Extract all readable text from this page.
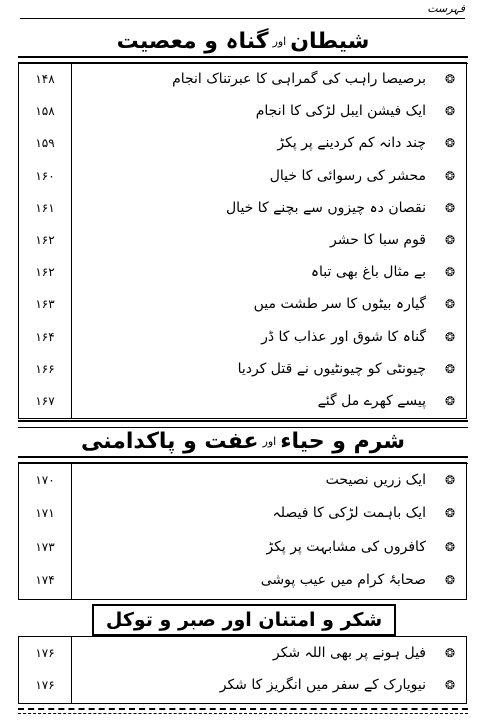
فہرست
شیطان
اور
گناہ و معصیت
❂
برصیصا راہب کی گمراہی کا عبرتناک انجام
۱۴۸
❂
ایک فیشن ایبل لڑکی کا انجام
۱۵۸
❂
چند دانہ کم کردینے پر پکڑ
۱۵۹
❂
محشر کی رسوائی کا خیال
۱۶۰
❂
نقصان دہ چیزوں سے بچنے کا خیال
۱۶۱
❂
قوم سبا کا حشر
۱۶۲
❂
بے مثال باغ بھی تباہ
۱۶۲
❂
گیارہ بیٹوں کا سر طشت میں
۱۶۳
❂
گناہ کا شوق اور عذاب کا ڈر
۱۶۴
❂
چیونٹی کو چیونٹیوں نے قتل کردیا
۱۶۶
❂
پیسے کھرے مل گئے
۱۶۷
شرم و حیاء
اور
عفت و پاکدامنی
❂
ایک زریں نصیحت
۱۷۰
❂
ایک باہمت لڑکی کا فیصلہ
۱۷۱
❂
کافروں کی مشابہت پر پکڑ
۱۷۳
❂
صحابۂ کرام میں عیب پوشی
۱۷۴
شکر و امتنان اور صبر و توکل
❂
فیل ہونے پر بھی اللہ شکر
۱۷۶
❂
نیویارک کے سفر میں انگریز کا شکر
۱۷۶
